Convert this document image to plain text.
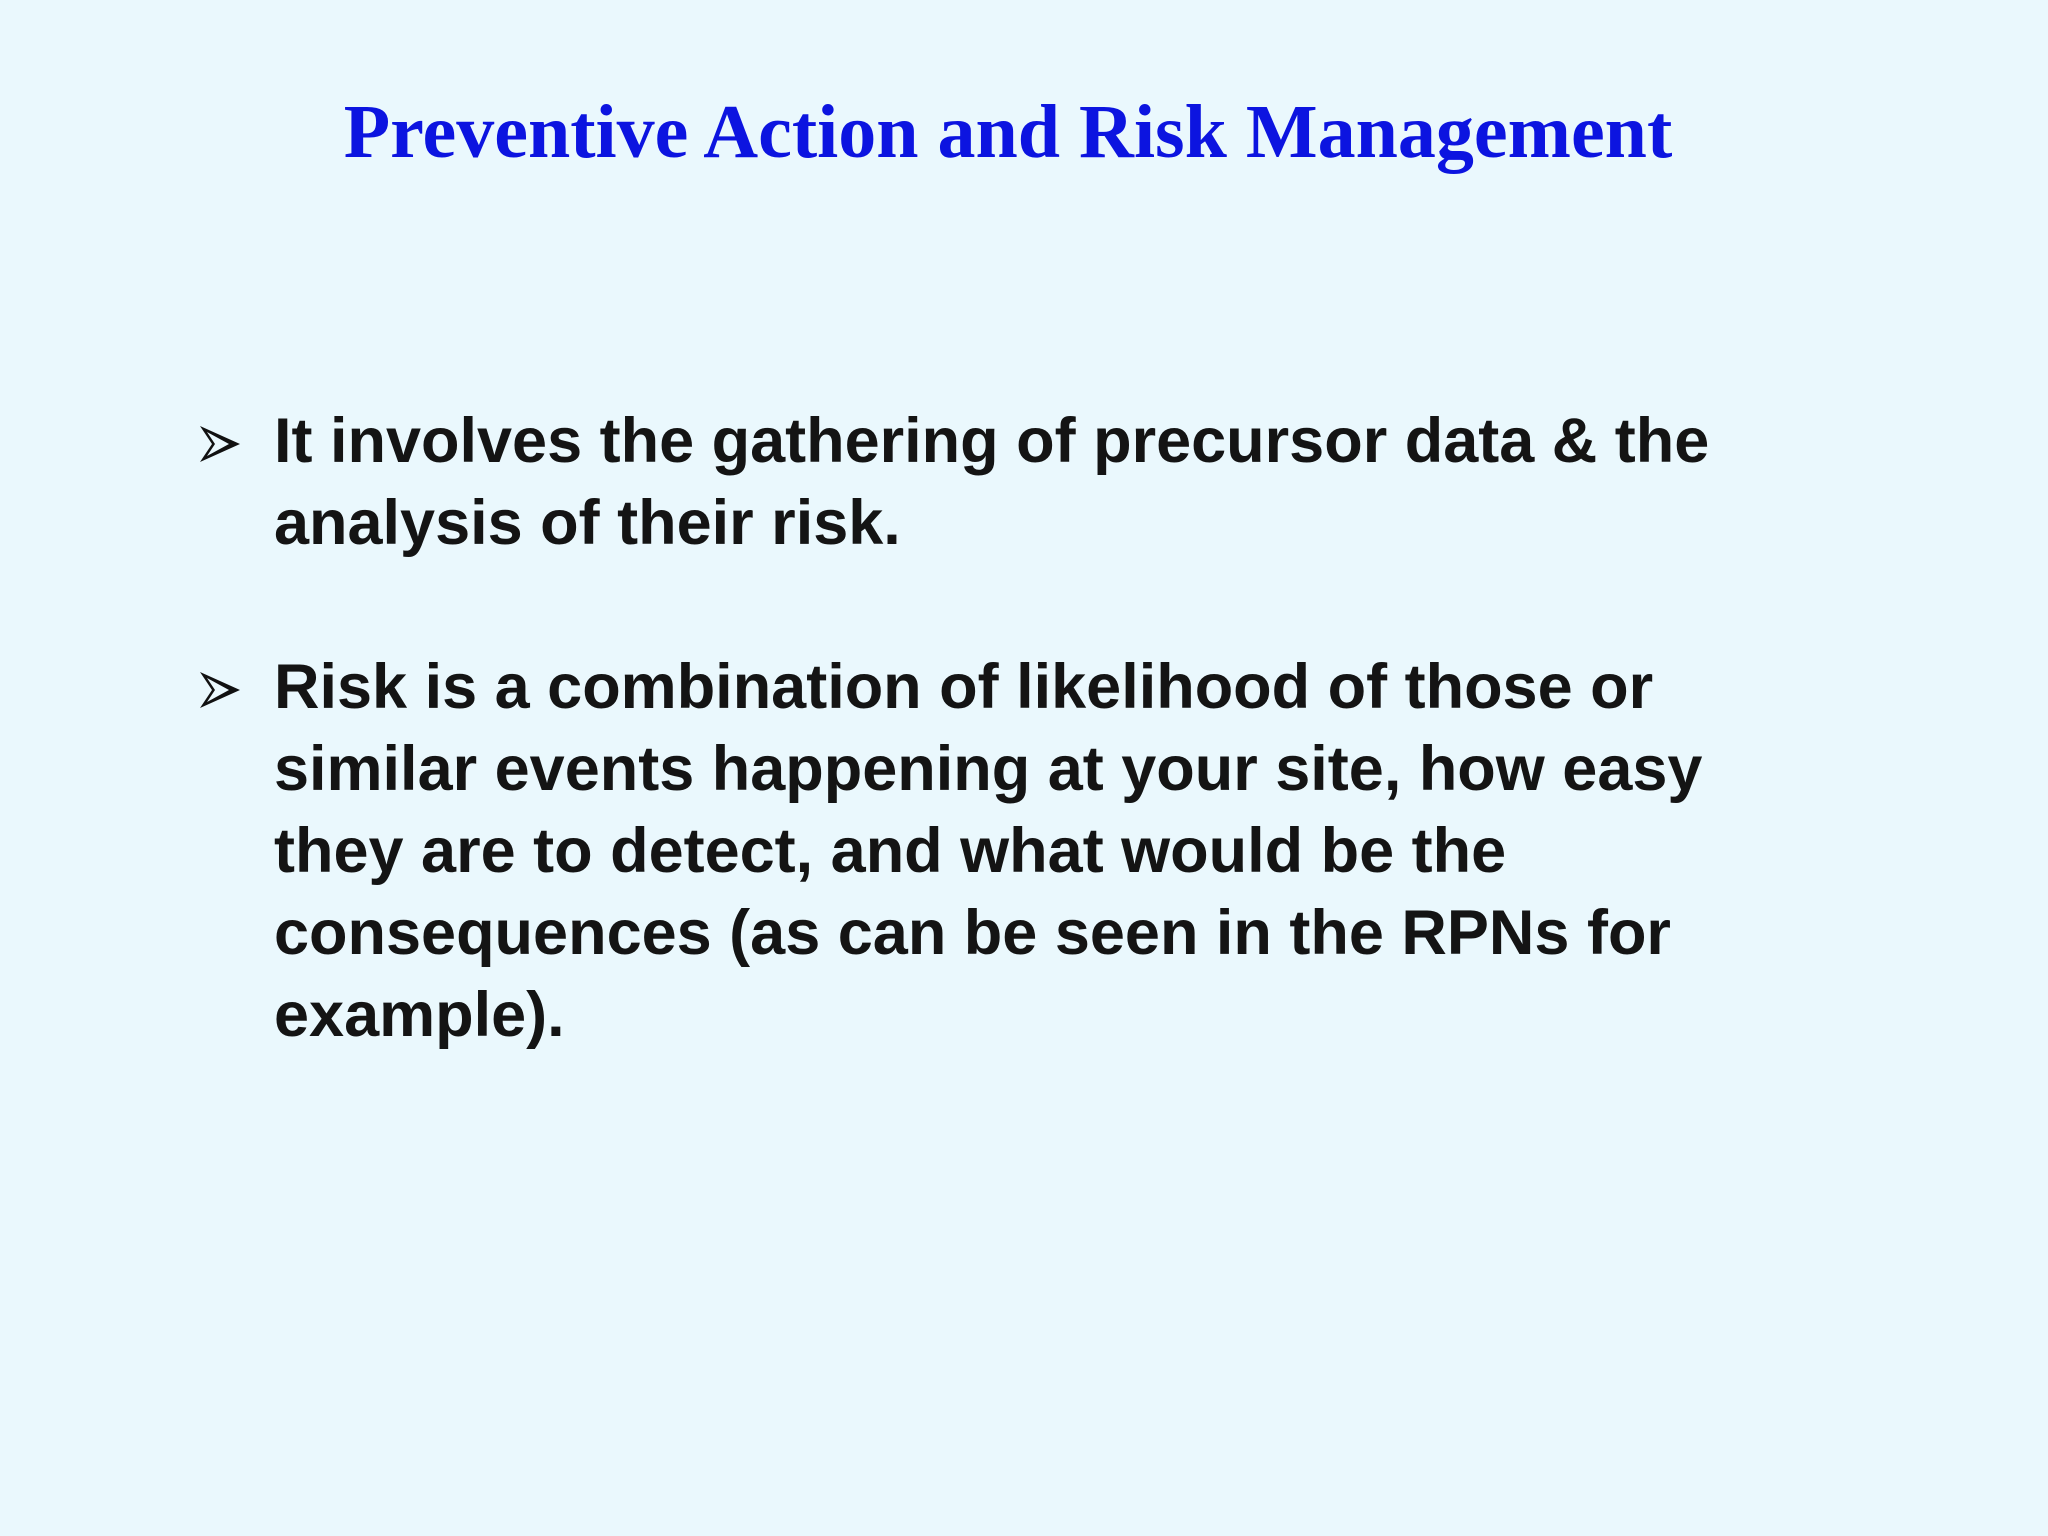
Preventive Action and Risk Management
It involves the gathering of precursor data & the
analysis of their risk.
Risk is a combination of likelihood of those or
similar events happening at your site, how easy
they are to detect, and what would be the
consequences (as can be seen in the RPNs for
example).
